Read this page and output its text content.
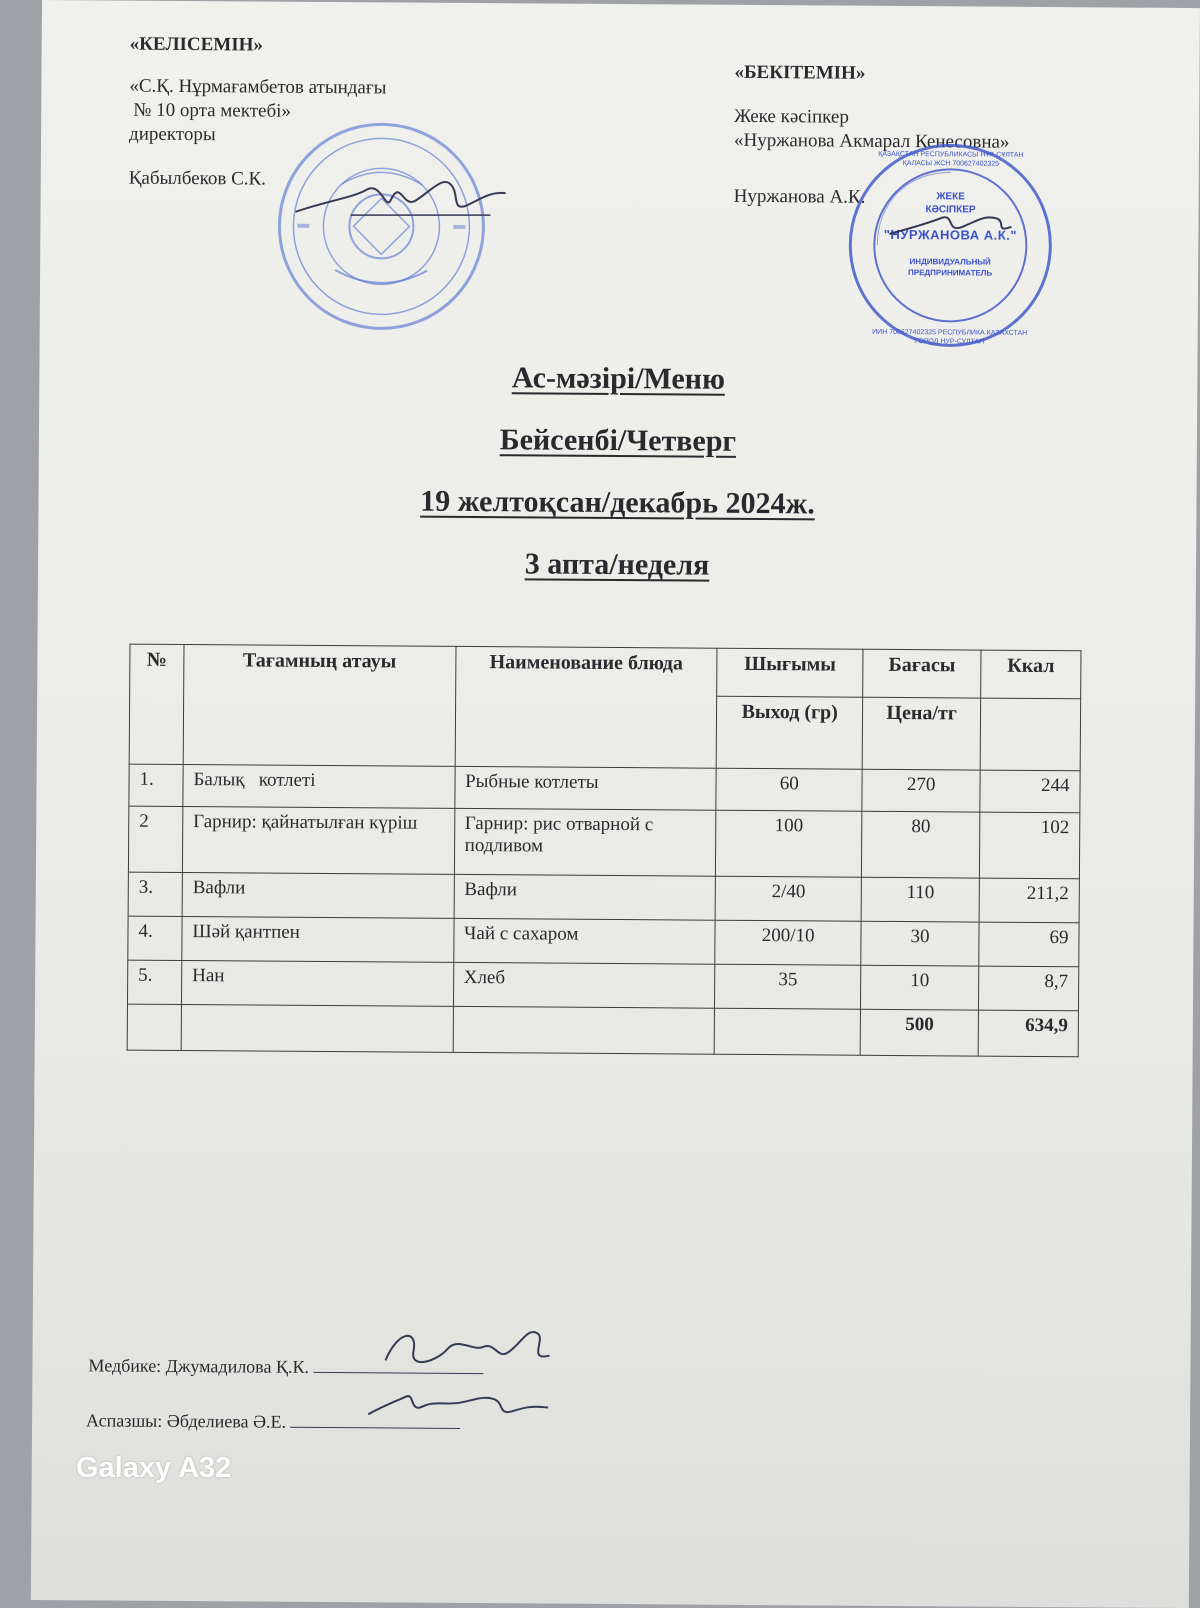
«КЕЛІСЕМІН»
«С.Қ. Нұрмағамбетов атындағы
№ 10 орта мектебі»
директоры
Қабылбеков С.К.
«БЕКІТЕМІН»
Жеке кәсіпкер
«Нуржанова Акмарал Кенесовна»
Нуржанова А.К.
ҚАЗАҚСТАН РЕСПУБЛИКАСЫ НҰР-СҰЛТАН ҚАЛАСЫ ЖСН 700627402325
ИИН 700627402325 РЕСПУБЛИКА КАЗАХСТАН ГОРОД НУР-СУЛТАН
ЖЕКЕ
КӘСІПКЕР
"НУРЖАНОВА А.К."
ИНДИВИДУАЛЬНЫЙ
ПРЕДПРИНИМАТЕЛЬ
Ас-мәзірі/Меню
Бейсенбі/Четверг
19 желтоқсан/декабрь 2024ж.
3 апта/неделя
№	Тағамның атауы	Наименование блюда	Шығымы	Бағасы	Ккал
			Выход (гр)	Цена/тг	
1.	Балық   котлеті	Рыбные котлеты	60	270	244
2	Гарнир: қайнатылған күріш	Гарнир: рис отварной с подливом	100	80	102
3.	Вафли	Вафли	2/40	110	211,2
4.	Шәй қантпен	Чай с сахаром	200/10	30	69
5.	Нан	Хлеб	35	10	8,7
				500	634,9
Медбике: Джумадилова Қ.К.
Аспазшы: Әбделиева Ә.Е.
Galaxy A32
